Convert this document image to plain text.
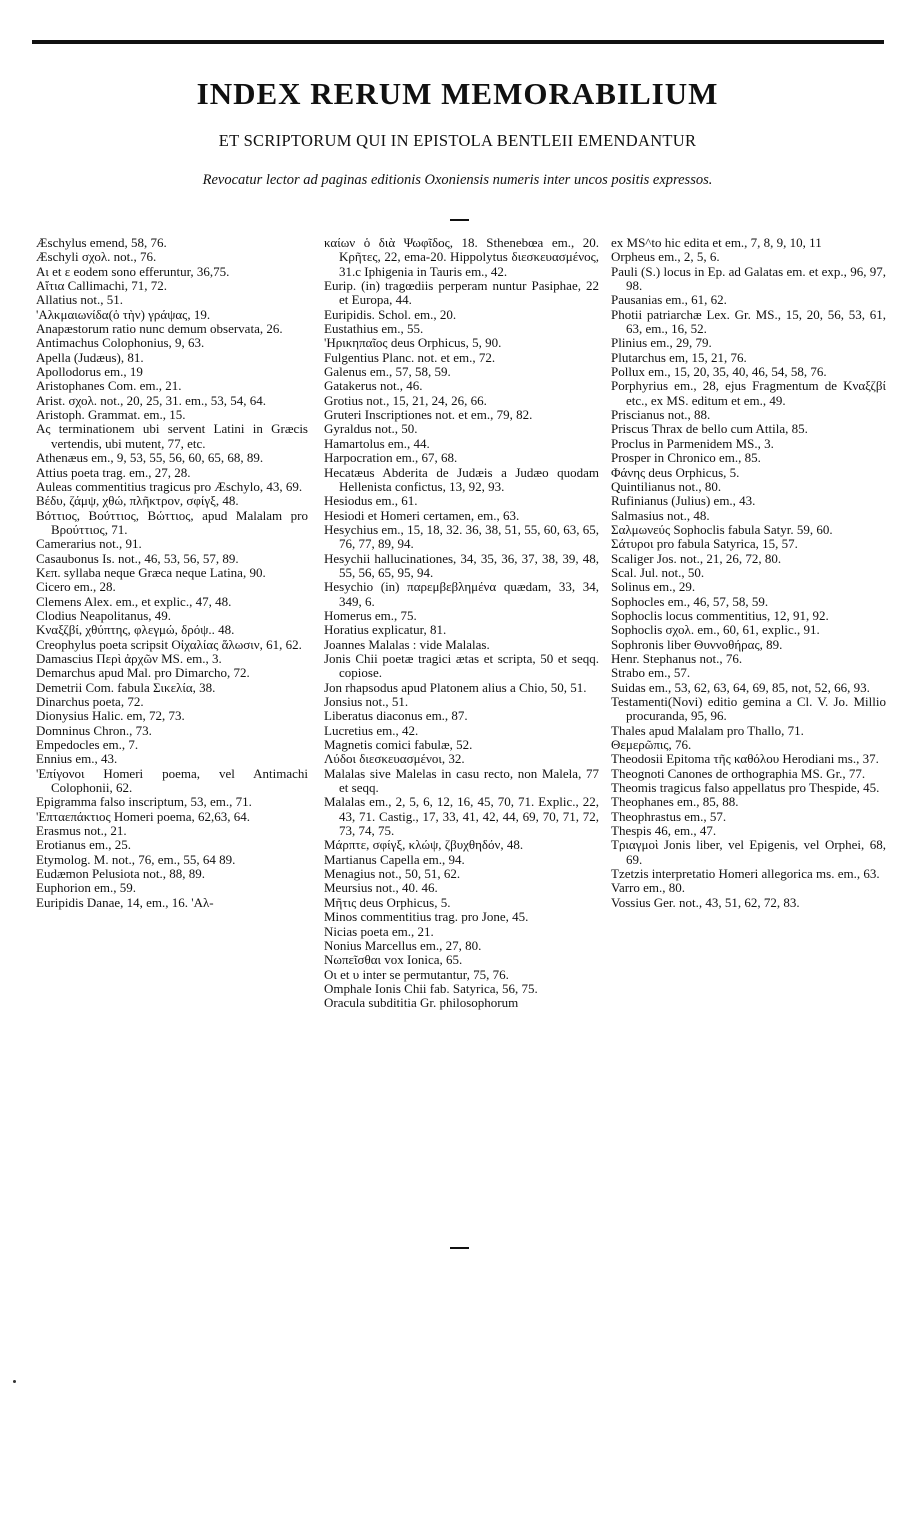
INDEX RERUM MEMORABILIUM
ET SCRIPTORUM QUI IN EPISTOLA BENTLEII EMENDANTUR
Revocatur lector ad paginas editionis Oxoniensis numeris inter uncos positis expressos.

Æschylus emend, 58, 76.

Æschyli σχολ. not., 76.

Aι et ε eodem sono efferuntur, 36,75.

Aἴτια Callimachi, 71, 72.

Allatius not., 51.

'Αλκμαιωνίδα(ὁ τὴν) γράψας, 19.

Anapæstorum ratio nunc demum observata, 26.

Antimachus Colophonius, 9, 63.

Apella (Judæus), 81.

Apollodorus em., 19

Aristophanes Com. em., 21.

Arist. σχολ. not., 20, 25, 31. em., 53, 54, 64.

Aristoph. Grammat. em., 15.

Aς terminationem ubi servent Latini in Græcis vertendis, ubi mutent, 77, etc.

Athenæus em., 9, 53, 55, 56, 60, 65, 68, 89.

Attius poeta trag. em., 27, 28.

Auleas commentitius tragicus pro Æschylo, 43, 69.

Βέδυ, ζάμψ, χθώ, πλῆκτρον, σφίγξ, 48.

Βόττιος, Βούττιος, Βώττιος, apud Malalam pro Βρούττιος, 71.

Camerarius not., 91.

Casaubonus Is. not., 46, 53, 56, 57, 89.

Κεπ. syllaba neque Græca neque Latina, 90.

Cicero em., 28.

Clemens Alex. em., et explic., 47, 48.

Clodius Neapolitanus, 49.

Κναξζβί, χθύπτης, φλεγμώ, δρόψ.. 48.

Creophylus poeta scripsit Οἰχαλίας ἅλωσιν, 61, 62.

Damascius Περὶ ἀρχῶν MS. em., 3.

Demarchus apud Mal. pro Dimarcho, 72.

Demetrii Com. fabula Σικελία, 38.

Dinarchus poeta, 72.

Dionysius Halic. em, 72, 73.

Domninus Chron., 73.

Empedocles em., 7.

Ennius em., 43.

'Επίγονοι Homeri poema, vel Antimachi Colophonii, 62.

Epigramma falso inscriptum, 53, em., 71.

'Επταεπάκτιος Homeri poema, 62,63, 64.

Erasmus not., 21.

Erotianus em., 25.

Etymolog. M. not., 76, em., 55, 64 89.

Eudæmon Pelusiota not., 88, 89.

Euphorion em., 59.

Euripidis Danae, 14, em., 16. 'Αλ-

καίων ὁ διὰ Ψωφῖδος, 18. Sthenebœa em., 20. Κρῆτες, 22, ema-20. Hippolytus διεσκευασμένος, 31.c Iphigenia in Tauris em., 42.

Eurip. (in) tragœdiis perperam nuntur Pasiphae, 22 et Europa, 44.

Euripidis. Schol. em., 20.

Eustathius em., 55.

'Ηρικηπαῖος deus Orphicus, 5, 90.

Fulgentius Planc. not. et em., 72.

Galenus em., 57, 58, 59.

Gatakerus not., 46.

Grotius not., 15, 21, 24, 26, 66.

Gruteri Inscriptiones not. et em., 79, 82.

Gyraldus not., 50.

Hamartolus em., 44.

Harpocration em., 67, 68.

Hecatæus Abderita de Judæis a Judæo quodam Hellenista confictus, 13, 92, 93.

Hesiodus em., 61.

Hesiodi et Homeri certamen, em., 63.

Hesychius em., 15, 18, 32. 36, 38, 51, 55, 60, 63, 65, 76, 77, 89, 94.

Hesychii hallucinationes, 34, 35, 36, 37, 38, 39, 48, 55, 56, 65, 95, 94.

Hesychio (in) παρεμβεβλημένα quædam, 33, 34, 349, 6.

Homerus em., 75.

Horatius explicatur, 81.

Joannes Malalas : vide Malalas.

Jonis Chii poetæ tragici ætas et scripta, 50 et seqq. copiose.

Jon rhapsodus apud Platonem alius a Chio, 50, 51.

Jonsius not., 51.

Liberatus diaconus em., 87.

Lucretius em., 42.

Magnetis comici fabulæ, 52.

Λύδοι διεσκευασμένοι, 32.

Malalas sive Malelas in casu recto, non Malela, 77 et seqq.

Malalas em., 2, 5, 6, 12, 16, 45, 70, 71. Explic., 22, 43, 71. Castig., 17, 33, 41, 42, 44, 69, 70, 71, 72, 73, 74, 75.

Μάρπτε, σφίγξ, κλώψ, ζβυχθηδόν, 48.

Martianus Capella em., 94.

Menagius not., 50, 51, 62.

Meursius not., 40. 46.

Μῆτις deus Orphicus, 5.

Minos commentitius trag. pro Jone, 45.

Nicias poeta em., 21.

Nonius Marcellus em., 27, 80.

Νωπεῖσθαι vox Ionica, 65.

Οι et υ inter se permutantur, 75, 76.

Omphale Ionis Chii fab. Satyrica, 56, 75.

Oracula subdititia Gr. philosophorum

ex MS^to hic edita et em., 7, 8, 9, 10, 11

Orpheus em., 2, 5, 6.

Pauli (S.) locus in Ep. ad Galatas em. et exp., 96, 97, 98.

Pausanias em., 61, 62.

Photii patriarchæ Lex. Gr. MS., 15, 20, 56, 53, 61, 63, em., 16, 52.

Plinius em., 29, 79.

Plutarchus em, 15, 21, 76.

Pollux em., 15, 20, 35, 40, 46, 54, 58, 76.

Porphyrius em., 28, ejus Fragmentum de Κναξζβί etc., ex MS. editum et em., 49.

Priscianus not., 88.

Priscus Thrax de bello cum Attila, 85.

Proclus in Parmenidem MS., 3.

Prosper in Chronico em., 85.

Φάνης deus Orphicus, 5.

Quintilianus not., 80.

Rufinianus (Julius) em., 43.

Salmasius not., 48.

Σαλμωνεύς Sophoclis fabula Satyr. 59, 60.

Σάτυροι pro fabula Satyrica, 15, 57.

Scaliger Jos. not., 21, 26, 72, 80.

Scal. Jul. not., 50.

Solinus em., 29.

Sophocles em., 46, 57, 58, 59.

Sophoclis locus commentitius, 12, 91, 92.

Sophoclis σχολ. em., 60, 61, explic., 91.

Sophronis liber Θυννοθήρας, 89.

Henr. Stephanus not., 76.

Strabo em., 57.

Suidas em., 53, 62, 63, 64, 69, 85, not, 52, 66, 93.

Testamenti(Novi) editio gemina a Cl. V. Jo. Millio procuranda, 95, 96.

Thales apud Malalam pro Thallo, 71.

Θεμερῶπις, 76.

Theodosii Epitoma τῆς καθόλου Herodiani ms., 37.

Theognoti Canones de orthographia MS. Gr., 77.

Theomis tragicus falso appellatus pro Thespide, 45.

Theophanes em., 85, 88.

Theophrastus em., 57.

Thespis 46, em., 47.

Τριαγμοὶ Jonis liber, vel Epigenis, vel Orphei, 68, 69.

Tzetzis interpretatio Homeri allegorica ms. em., 63.

Varro em., 80.

Vossius Ger. not., 43, 51, 62, 72, 83.
